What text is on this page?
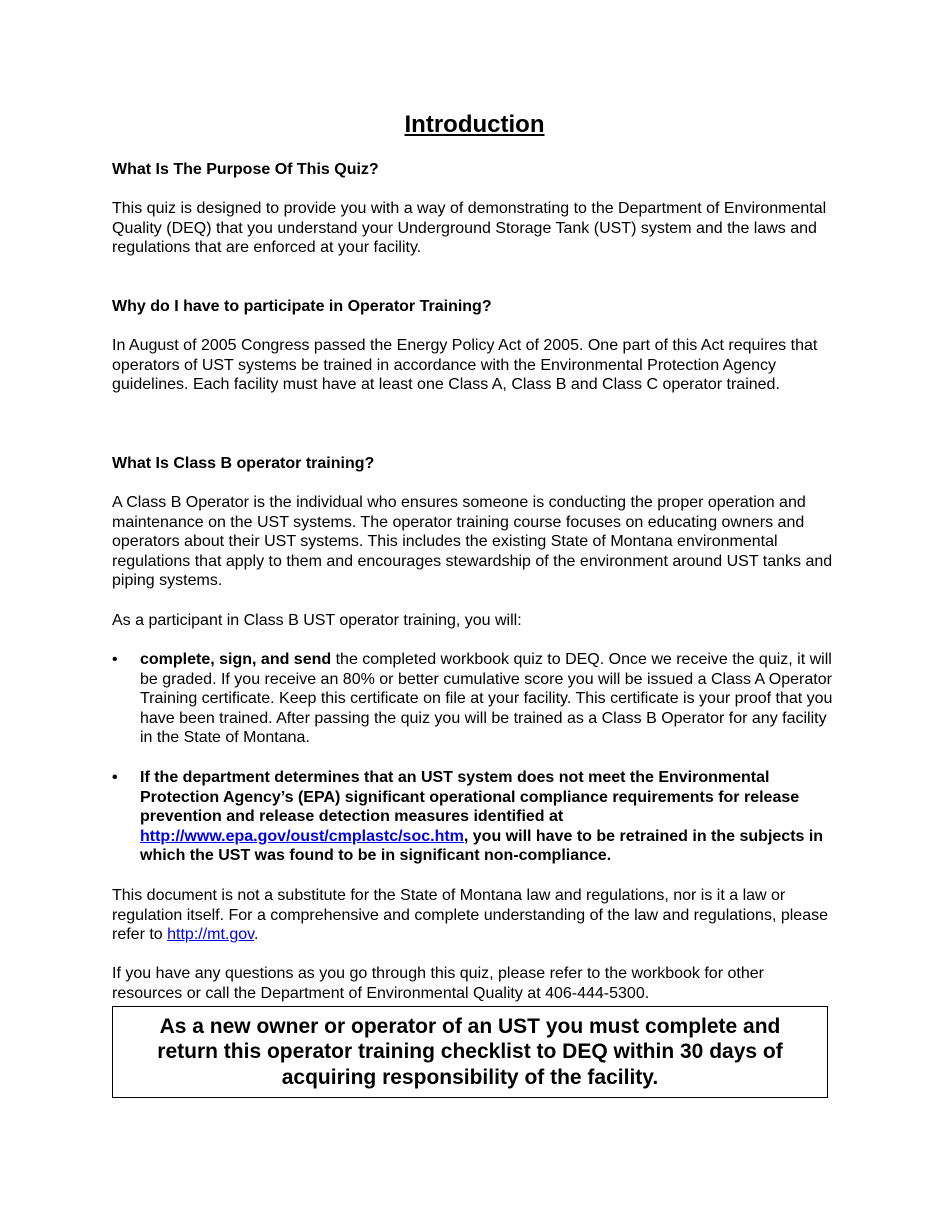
Introduction
What Is The Purpose Of This Quiz?
This quiz is designed to provide you with a way of demonstrating to the Department of Environmental Quality (DEQ) that you understand your Underground Storage Tank (UST) system and the laws and regulations that are enforced at your facility.
Why do I have to participate in Operator Training?
In August of 2005 Congress passed the Energy Policy Act of 2005. One part of this Act requires that operators of UST systems be trained in accordance with the Environmental Protection Agency guidelines. Each facility must have at least one Class A, Class B and Class C operator trained.
What Is Class B operator training?
A Class B Operator is the individual who ensures someone is conducting the proper operation and maintenance on the UST systems. The operator training course focuses on educating owners and operators about their UST systems. This includes the existing State of Montana environmental regulations that apply to them and encourages stewardship of the environment around UST tanks and piping systems.
As a participant in Class B UST operator training, you will:
• complete, sign, and send the completed workbook quiz to DEQ. Once we receive the quiz, it will be graded. If you receive an 80% or better cumulative score you will be issued a Class A Operator Training certificate. Keep this certificate on file at your facility. This certificate is your proof that you have been trained. After passing the quiz you will be trained as a Class B Operator for any facility in the State of Montana.
• If the department determines that an UST system does not meet the Environmental Protection Agency’s (EPA) significant operational compliance requirements for release prevention and release detection measures identified at http://www.epa.gov/oust/cmplastc/soc.htm, you will have to be retrained in the subjects in which the UST was found to be in significant non-compliance.
This document is not a substitute for the State of Montana law and regulations, nor is it a law or regulation itself. For a comprehensive and complete understanding of the law and regulations, please refer to http://mt.gov.
If you have any questions as you go through this quiz, please refer to the workbook for other resources or call the Department of Environmental Quality at 406-444-5300.
As a new owner or operator of an UST you must complete and return this operator training checklist to DEQ within 30 days of acquiring responsibility of the facility.
